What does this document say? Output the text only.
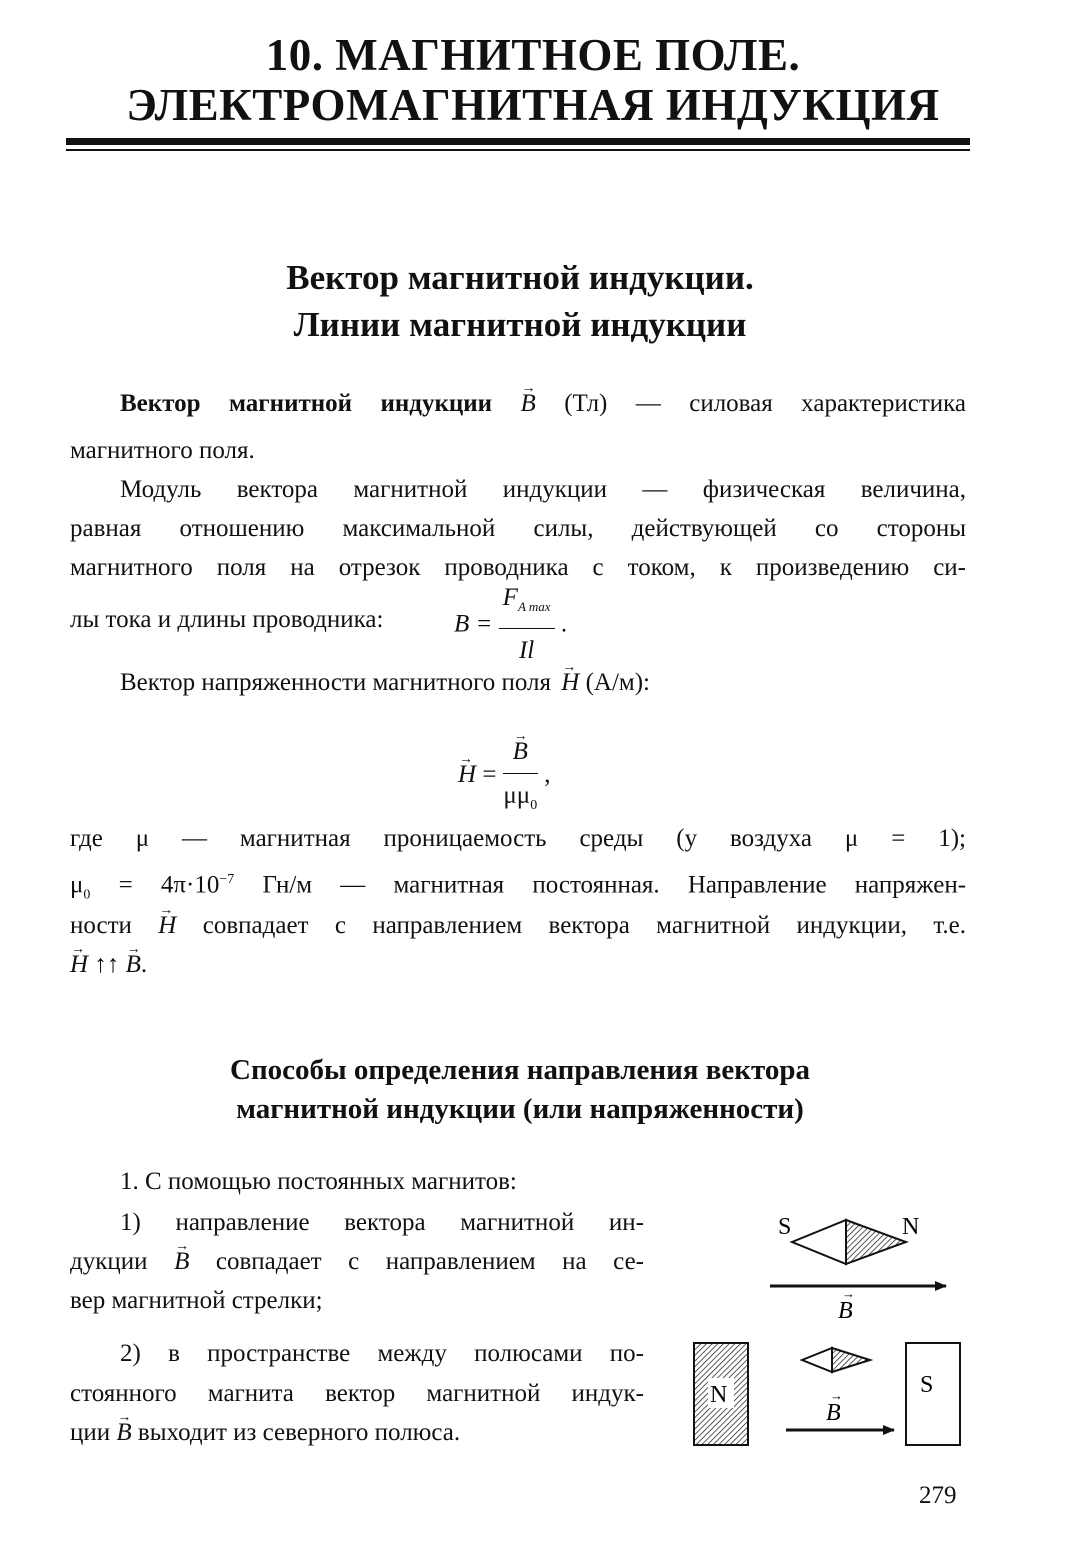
10. МАГНИТНОЕ ПОЛЕ.
ЭЛЕКТРОМАГНИТНАЯ ИНДУКЦИЯ
Вектор магнитной индукции.
Линии магнитной индукции
Вектор магнитной индукции → B (Тл) — силовая характеристика
магнитного поля.
Модуль вектора магнитной индукции — физическая величина,
равная отношению максимальной силы, действующей со стороны
магнитного поля на отрезок проводника с током, к произведению си-
лы тока и длины проводника:	$B = \frac{F_{A max}}{Il}$ .
Вектор напряженности магнитного поля → H (А/м):
→ H = → $\frac{B}{\mu\mu_0}$ ,
где μ — магнитная проницаемость среды (у воздуха μ = 1);
$\mu_0 = 4\pi\cdot 10^{-7}$ Гн/м — магнитная постоянная. Направление напряжен-
ности → H совпадает с направлением вектора магнитной индукции, т.е.
→ H ↑↑ → B.
Способы определения направления вектора
магнитной индукции (или напряженности)
1. С помощью постоянных магнитов:
1) направление вектора магнитной ин-
дукции → B совпадает с направлением на се-
вер магнитной стрелки;
2) в пространстве между полюсами по-
стоянного магнита вектор магнитной индук-
ции → B выходит из северного полюса.
S	N
B
→
N	S
B
→
279
